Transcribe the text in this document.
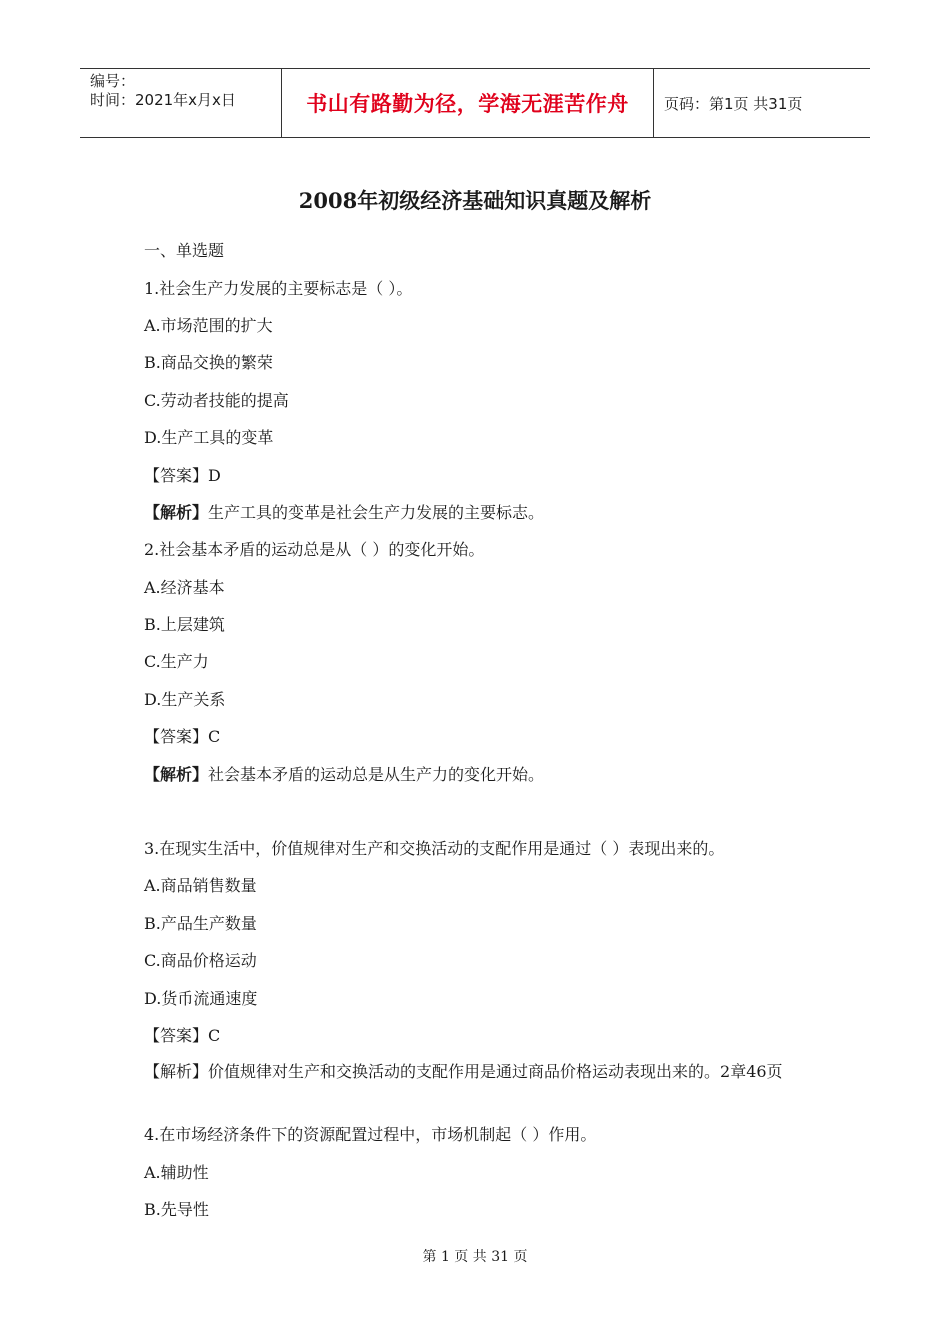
编号：
时间：2021年x月x日	书山有路勤为径，学海无涯苦作舟 页码：第1页 共31页
2008年初级经济基础知识真题及解析
一、单选题
1.社会生产力发展的主要标志是（ ）。
A.市场范围的扩大
B.商品交换的繁荣
C.劳动者技能的提高
D.生产工具的变革
【答案】D
【解析】生产工具的变革是社会生产力发展的主要标志。
2.社会基本矛盾的运动总是从（ ）的变化开始。
A.经济基本
B.上层建筑
C.生产力
D.生产关系
【答案】C
【解析】社会基本矛盾的运动总是从生产力的变化开始。
3.在现实生活中，价值规律对生产和交换活动的支配作用是通过（ ）表现出来的。
A.商品销售数量
B.产品生产数量
C.商品价格运动
D.货币流通速度
【答案】C
【解析】价值规律对生产和交换活动的支配作用是通过商品价格运动表现出来的。2章46页
4.在市场经济条件下的资源配置过程中，市场机制起（ ）作用。
A.辅助性
B.先导性
第 1 页 共 31 页
